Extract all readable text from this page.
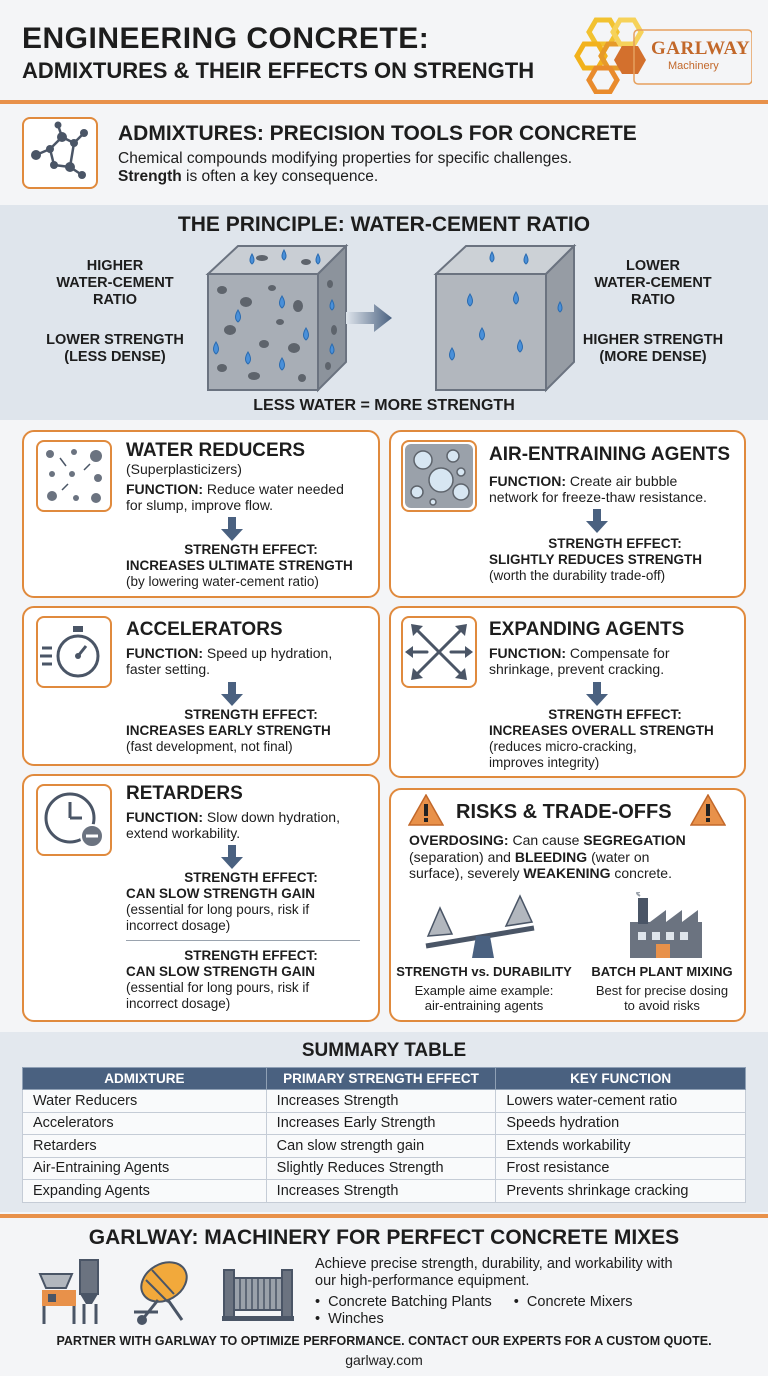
ENGINEERING CONCRETE:
ADMIXTURES & THEIR EFFECTS ON STRENGTH
GARLWAY
Machinery
ADMIXTURES: PRECISION TOOLS FOR CONCRETE
Chemical compounds modifying properties for specific challenges.
Strength is often a key consequence.
THE PRINCIPLE: WATER-CEMENT RATIO
HIGHER
WATER-CEMENT
RATIO
LOWER STRENGTH
(LESS DENSE)
LOWER
WATER-CEMENT
RATIO
HIGHER STRENGTH
(MORE DENSE)
LESS WATER = MORE STRENGTH
WATER REDUCERS
(Superplasticizers)
FUNCTION: Reduce water needed
for slump, improve flow.
STRENGTH EFFECT:
INCREASES ULTIMATE STRENGTH
(by lowering water-cement ratio)
AIR-ENTRAINING AGENTS
FUNCTION: Create air bubble
network for freeze-thaw resistance.
STRENGTH EFFECT:
SLIGHTLY REDUCES STRENGTH
(worth the durability trade-off)
ACCELERATORS
FUNCTION: Speed up hydration,
faster setting.
STRENGTH EFFECT:
INCREASES EARLY STRENGTH
(fast development, not final)
EXPANDING AGENTS
FUNCTION: Compensate for
shrinkage, prevent cracking.
STRENGTH EFFECT:
INCREASES OVERALL STRENGTH
(reduces micro-cracking,
improves integrity)
RETARDERS
FUNCTION: Slow down hydration,
extend workability.
STRENGTH EFFECT:
CAN SLOW STRENGTH GAIN
(essential for long pours, risk if
incorrect dosage)
STRENGTH EFFECT:
CAN SLOW STRENGTH GAIN
(essential for long pours, risk if
incorrect dosage)
RISKS & TRADE-OFFS
OVERDOSING: Can cause SEGREGATION
(separation) and BLEEDING (water on
surface), severely WEAKENING concrete.
STRENGTH vs. DURABILITY
Example aime example:
air-entraining agents
BATCH PLANT MIXING
Best for precise dosing
to avoid risks
SUMMARY TABLE
ADMIXTURE	PRIMARY STRENGTH EFFECT	KEY FUNCTION
Water Reducers	Increases Strength	Lowers water-cement ratio
Accelerators	Increases Early Strength	Speeds hydration
Retarders	Can slow strength gain	Extends workability
Air-Entraining Agents	Slightly Reduces Strength	Frost resistance
Expanding Agents	Increases Strength	Prevents shrinkage cracking
GARLWAY: MACHINERY FOR PERFECT CONCRETE MIXES
Achieve precise strength, durability, and workability with
our high-performance equipment.
•  Concrete Batching Plants •  Concrete Mixers
•  Winches
PARTNER WITH GARLWAY TO OPTIMIZE PERFORMANCE. CONTACT OUR EXPERTS FOR A CUSTOM QUOTE.
garlway.com
